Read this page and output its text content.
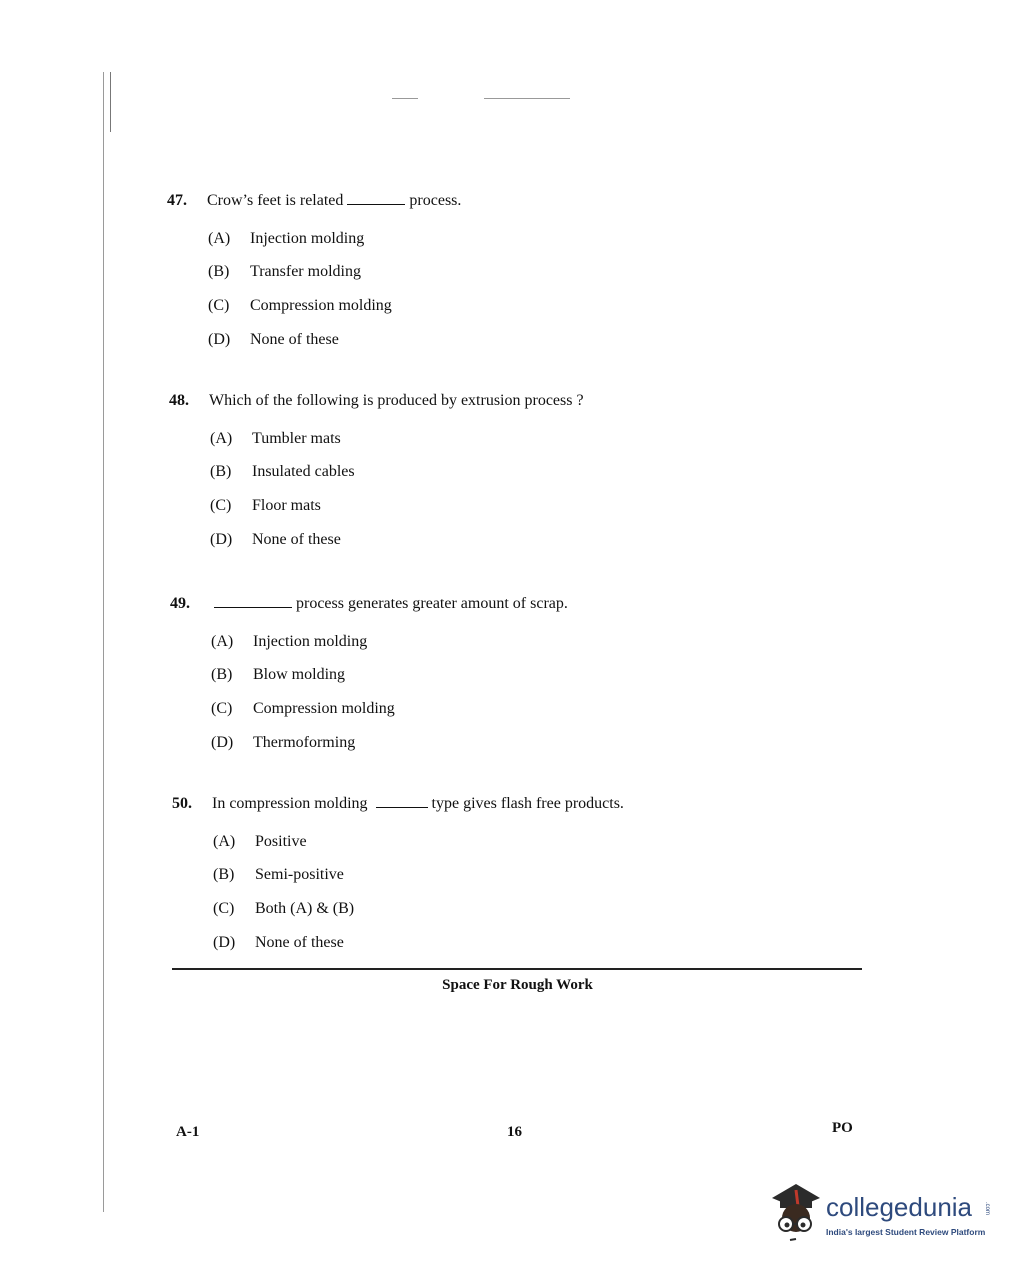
47.	Crow’s feet is related	process.
(A)	Injection molding
(B)	Transfer molding
(C)	Compression molding
(D)	None of these
48.	Which of the following is produced by extrusion process ?
(A)	Tumbler mats
(B)	Insulated cables
(C)	Floor mats
(D)	None of these
49.	process generates greater amount of scrap.
(A)	Injection molding
(B)	Blow molding
(C)	Compression molding
(D)	Thermoforming
50.	In compression molding	type gives flash free products.
(A)	Positive
(B)	Semi-positive
(C)	Both (A) & (B)
(D)	None of these
Space For Rough Work
A-1	16	PO
collegedunia .com
India's largest Student Review Platform
